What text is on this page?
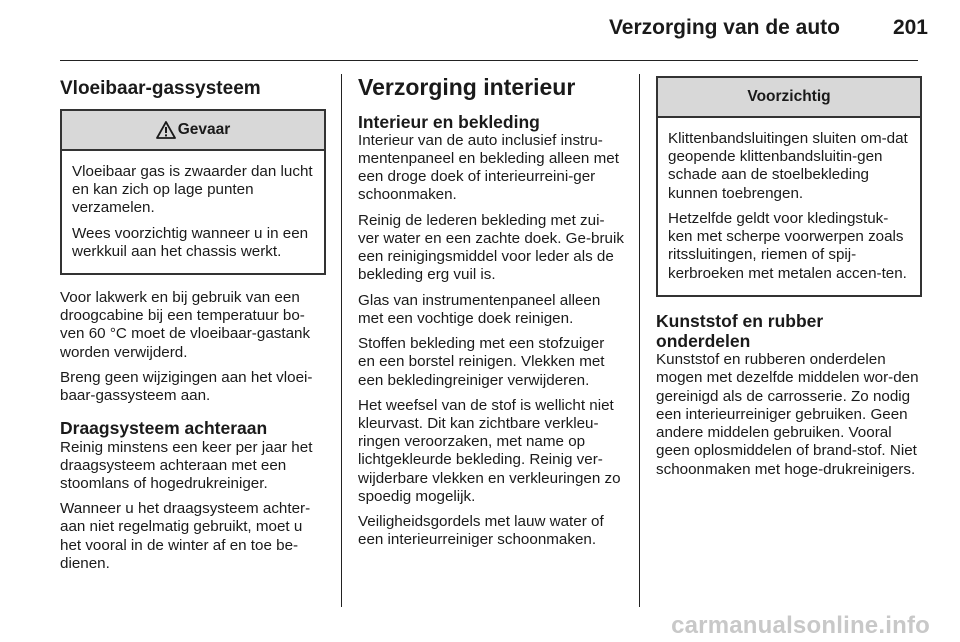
Verzorging van de auto	201
Vloeibaar-gassysteem
Gevaar

Vloeibaar gas is zwaarder dan lucht en kan zich op lage punten verzamelen.

Wees voorzichtig wanneer u in een werkkuil aan het chassis werkt.

Voor lakwerk en bij gebruik van een droogcabine bij een temperatuur bo-ven 60 °C moet de vloeibaar-gastank worden verwijderd.

Breng geen wijzigingen aan het vloei-baar-gassysteem aan.

Draagsysteem achteraan

Reinig minstens een keer per jaar het draagsysteem achteraan met een stoomlans of hogedrukreiniger.

Wanneer u het draagsysteem achter-aan niet regelmatig gebruikt, moet u het vooral in de winter af en toe be-dienen.

Verzorging interieur
Interieur en bekleding

Interieur van de auto inclusief instru-mentenpaneel en bekleding alleen met een droge doek of interieurreini-ger schoonmaken.

Reinig de lederen bekleding met zui-ver water en een zachte doek. Ge-bruik een reinigingsmiddel voor leder als de bekleding erg vuil is.

Glas van instrumentenpaneel alleen met een vochtige doek reinigen.

Stoffen bekleding met een stofzuiger en een borstel reinigen. Vlekken met een bekledingreiniger verwijderen.

Het weefsel van de stof is wellicht niet kleurvast. Dit kan zichtbare verkleu-ringen veroorzaken, met name op lichtgekleurde bekleding. Reinig ver-wijderbare vlekken en verkleuringen zo spoedig mogelijk.

Veiligheidsgordels met lauw water of een interieurreiniger schoonmaken.

Voorzichtig

Klittenbandsluitingen sluiten om-dat geopende klittenbandsluitin-gen schade aan de stoelbekleding kunnen toebrengen.

Hetzelfde geldt voor kledingstuk-ken met scherpe voorwerpen zoals ritssluitingen, riemen of spij-kerbroeken met metalen accen-ten.

Kunststof en rubber onderdelen

Kunststof en rubberen onderdelen mogen met dezelfde middelen wor-den gereinigd als de carrosserie. Zo nodig een interieurreiniger gebruiken. Geen andere middelen gebruiken. Vooral geen oplosmiddelen of brand-stof. Niet schoonmaken met hoge-drukreinigers.

carmanualsonline.info
